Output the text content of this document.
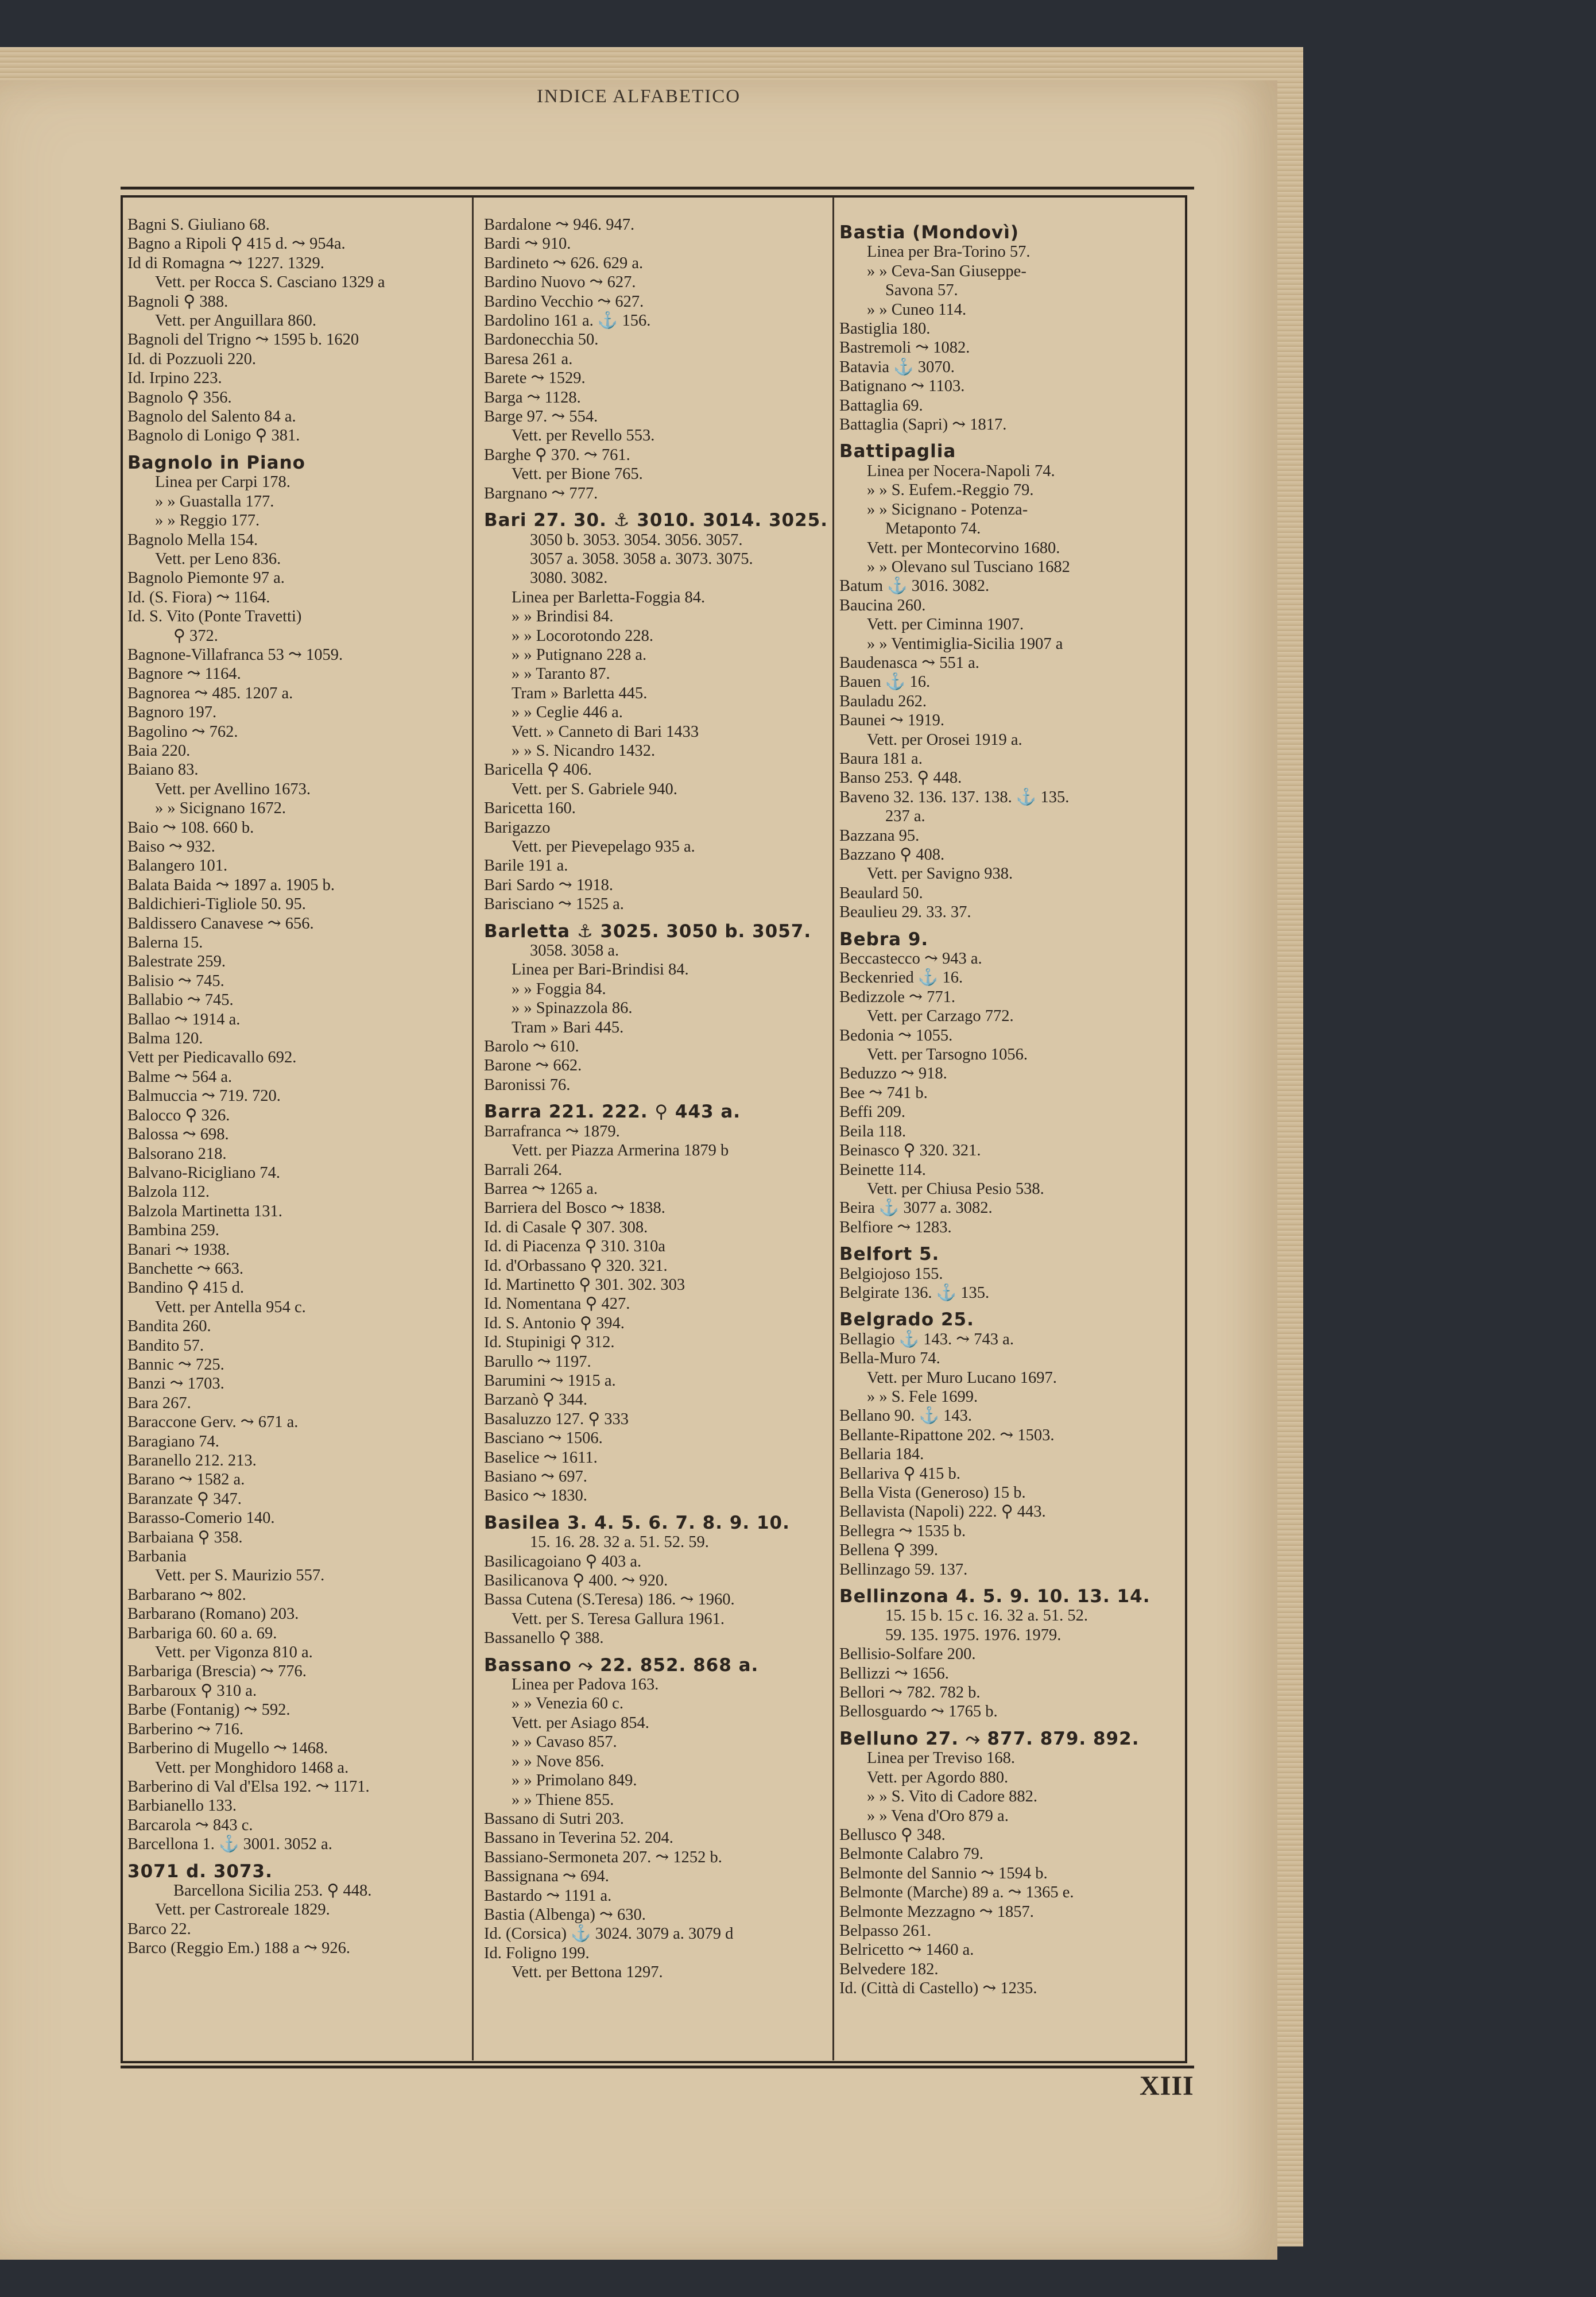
INDICE ALFABETICO
Bagni S. Giuliano 68.
Bagno a Ripoli ⚲ 415 d. ⤳ 954a.
Id di Romagna ⤳ 1227. 1329.
Vett. per Rocca S. Casciano 1329 a
Bagnoli ⚲ 388.
Vett. per Anguillara 860.
Bagnoli del Trigno ⤳ 1595 b. 1620
Id. di Pozzuoli 220.
Id. Irpino 223.
Bagnolo ⚲ 356.
Bagnolo del Salento 84 a.
Bagnolo di Lonigo ⚲ 381.
Bagnolo in Piano
Linea per Carpi 178.
» » Guastalla 177.
» » Reggio 177.
Bagnolo Mella 154.
Vett. per Leno 836.
Bagnolo Piemonte 97 a.
Id. (S. Fiora) ⤳ 1164.
Id. S. Vito (Ponte Travetti)
⚲ 372.
Bagnone-Villafranca 53 ⤳ 1059.
Bagnore ⤳ 1164.
Bagnorea ⤳ 485. 1207 a.
Bagnoro 197.
Bagolino ⤳ 762.
Baia 220.
Baiano 83.
Vett. per Avellino 1673.
» » Sicignano 1672.
Baio ⤳ 108. 660 b.
Baiso ⤳ 932.
Balangero 101.
Balata Baida ⤳ 1897 a. 1905 b.
Baldichieri-Tigliole 50. 95.
Baldissero Canavese ⤳ 656.
Balerna 15.
Balestrate 259.
Balisio ⤳ 745.
Ballabio ⤳ 745.
Ballao ⤳ 1914 a.
Balma 120.
Vett per Piedicavallo 692.
Balme ⤳ 564 a.
Balmuccia ⤳ 719. 720.
Balocco ⚲ 326.
Balossa ⤳ 698.
Balsorano 218.
Balvano-Ricigliano 74.
Balzola 112.
Balzola Martinetta 131.
Bambina 259.
Banari ⤳ 1938.
Banchette ⤳ 663.
Bandino ⚲ 415 d.
Vett. per Antella 954 c.
Bandita 260.
Bandito 57.
Bannic ⤳ 725.
Banzi ⤳ 1703.
Bara 267.
Baraccone Gerv. ⤳ 671 a.
Baragiano 74.
Baranello 212. 213.
Barano ⤳ 1582 a.
Baranzate ⚲ 347.
Barasso-Comerio 140.
Barbaiana ⚲ 358.
Barbania
Vett. per S. Maurizio 557.
Barbarano ⤳ 802.
Barbarano (Romano) 203.
Barbariga 60. 60 a. 69.
Vett. per Vigonza 810 a.
Barbariga (Brescia) ⤳ 776.
Barbaroux ⚲ 310 a.
Barbe (Fontanig) ⤳ 592.
Barberino ⤳ 716.
Barberino di Mugello ⤳ 1468.
Vett. per Monghidoro 1468 a.
Barberino di Val d'Elsa 192. ⤳ 1171.
Barbianello 133.
Barcarola ⤳ 843 c.
Barcellona 1. ⚓ 3001. 3052 a.
3071 d. 3073.
Barcellona Sicilia 253. ⚲ 448.
Vett. per Castroreale 1829.
Barco 22.
Barco (Reggio Em.) 188 a ⤳ 926.
Bardalone ⤳ 946. 947.
Bardi ⤳ 910.
Bardineto ⤳ 626. 629 a.
Bardino Nuovo ⤳ 627.
Bardino Vecchio ⤳ 627.
Bardolino 161 a. ⚓ 156.
Bardonecchia 50.
Baresa 261 a.
Barete ⤳ 1529.
Barga ⤳ 1128.
Barge 97. ⤳ 554.
Vett. per Revello 553.
Barghe ⚲ 370. ⤳ 761.
Vett. per Bione 765.
Bargnano ⤳ 777.
Bari 27. 30. ⚓ 3010. 3014. 3025.
3050 b. 3053. 3054. 3056. 3057.
3057 a. 3058. 3058 a. 3073. 3075.
3080. 3082.
Linea per Barletta-Foggia 84.
» » Brindisi 84.
» » Locorotondo 228.
» » Putignano 228 a.
» » Taranto 87.
Tram » Barletta 445.
» » Ceglie 446 a.
Vett. » Canneto di Bari 1433
» » S. Nicandro 1432.
Baricella ⚲ 406.
Vett. per S. Gabriele 940.
Baricetta 160.
Barigazzo
Vett. per Pievepelago 935 a.
Barile 191 a.
Bari Sardo ⤳ 1918.
Barisciano ⤳ 1525 a.
Barletta ⚓ 3025. 3050 b. 3057.
3058. 3058 a.
Linea per Bari-Brindisi 84.
» » Foggia 84.
» » Spinazzola 86.
Tram » Bari 445.
Barolo ⤳ 610.
Barone ⤳ 662.
Baronissi 76.
Barra 221. 222. ⚲ 443 a.
Barrafranca ⤳ 1879.
Vett. per Piazza Armerina 1879 b
Barrali 264.
Barrea ⤳ 1265 a.
Barriera del Bosco ⤳ 1838.
Id. di Casale ⚲ 307. 308.
Id. di Piacenza ⚲ 310. 310a
Id. d'Orbassano ⚲ 320. 321.
Id. Martinetto ⚲ 301. 302. 303
Id. Nomentana ⚲ 427.
Id. S. Antonio ⚲ 394.
Id. Stupinigi ⚲ 312.
Barullo ⤳ 1197.
Barumini ⤳ 1915 a.
Barzanò ⚲ 344.
Basaluzzo 127. ⚲ 333
Basciano ⤳ 1506.
Baselice ⤳ 1611.
Basiano ⤳ 697.
Basico ⤳ 1830.
Basilea 3. 4. 5. 6. 7. 8. 9. 10.
15. 16. 28. 32 a. 51. 52. 59.
Basilicagoiano ⚲ 403 a.
Basilicanova ⚲ 400. ⤳ 920.
Bassa Cutena (S.Teresa) 186. ⤳ 1960.
Vett. per S. Teresa Gallura 1961.
Bassanello ⚲ 388.
Bassano ⤳ 22. 852. 868 a.
Linea per Padova 163.
» » Venezia 60 c.
Vett. per Asiago 854.
» » Cavaso 857.
» » Nove 856.
» » Primolano 849.
» » Thiene 855.
Bassano di Sutri 203.
Bassano in Teverina 52. 204.
Bassiano-Sermoneta 207. ⤳ 1252 b.
Bassignana ⤳ 694.
Bastardo ⤳ 1191 a.
Bastia (Albenga) ⤳ 630.
Id. (Corsica) ⚓ 3024. 3079 a. 3079 d
Id. Foligno 199.
Vett. per Bettona 1297.
Bastia (Mondovì)
Linea per Bra-Torino 57.
» » Ceva-San Giuseppe-
Savona 57.
» » Cuneo 114.
Bastiglia 180.
Bastremoli ⤳ 1082.
Batavia ⚓ 3070.
Batignano ⤳ 1103.
Battaglia 69.
Battaglia (Sapri) ⤳ 1817.
Battipaglia
Linea per Nocera-Napoli 74.
» » S. Eufem.-Reggio 79.
» » Sicignano - Potenza-
Metaponto 74.
Vett. per Montecorvino 1680.
» » Olevano sul Tusciano 1682
Batum ⚓ 3016. 3082.
Baucina 260.
Vett. per Ciminna 1907.
» » Ventimiglia-Sicilia 1907 a
Baudenasca ⤳ 551 a.
Bauen ⚓ 16.
Bauladu 262.
Baunei ⤳ 1919.
Vett. per Orosei 1919 a.
Baura 181 a.
Banso 253. ⚲ 448.
Baveno 32. 136. 137. 138. ⚓ 135.
237 a.
Bazzana 95.
Bazzano ⚲ 408.
Vett. per Savigno 938.
Beaulard 50.
Beaulieu 29. 33. 37.
Bebra 9.
Beccastecco ⤳ 943 a.
Beckenried ⚓ 16.
Bedizzole ⤳ 771.
Vett. per Carzago 772.
Bedonia ⤳ 1055.
Vett. per Tarsogno 1056.
Beduzzo ⤳ 918.
Bee ⤳ 741 b.
Beffi 209.
Beila 118.
Beinasco ⚲ 320. 321.
Beinette 114.
Vett. per Chiusa Pesio 538.
Beira ⚓ 3077 a. 3082.
Belfiore ⤳ 1283.
Belfort 5.
Belgiojoso 155.
Belgirate 136. ⚓ 135.
Belgrado 25.
Bellagio ⚓ 143. ⤳ 743 a.
Bella-Muro 74.
Vett. per Muro Lucano 1697.
» » S. Fele 1699.
Bellano 90. ⚓ 143.
Bellante-Ripattone 202. ⤳ 1503.
Bellaria 184.
Bellariva ⚲ 415 b.
Bella Vista (Generoso) 15 b.
Bellavista (Napoli) 222. ⚲ 443.
Bellegra ⤳ 1535 b.
Bellena ⚲ 399.
Bellinzago 59. 137.
Bellinzona 4. 5. 9. 10. 13. 14.
15. 15 b. 15 c. 16. 32 a. 51. 52.
59. 135. 1975. 1976. 1979.
Bellisio-Solfare 200.
Bellizzi ⤳ 1656.
Bellori ⤳ 782. 782 b.
Bellosguardo ⤳ 1765 b.
Belluno 27. ⤳ 877. 879. 892.
Linea per Treviso 168.
Vett. per Agordo 880.
» » S. Vito di Cadore 882.
» » Vena d'Oro 879 a.
Bellusco ⚲ 348.
Belmonte Calabro 79.
Belmonte del Sannio ⤳ 1594 b.
Belmonte (Marche) 89 a. ⤳ 1365 e.
Belmonte Mezzagno ⤳ 1857.
Belpasso 261.
Belricetto ⤳ 1460 a.
Belvedere 182.
Id. (Città di Castello) ⤳ 1235.
XIII
